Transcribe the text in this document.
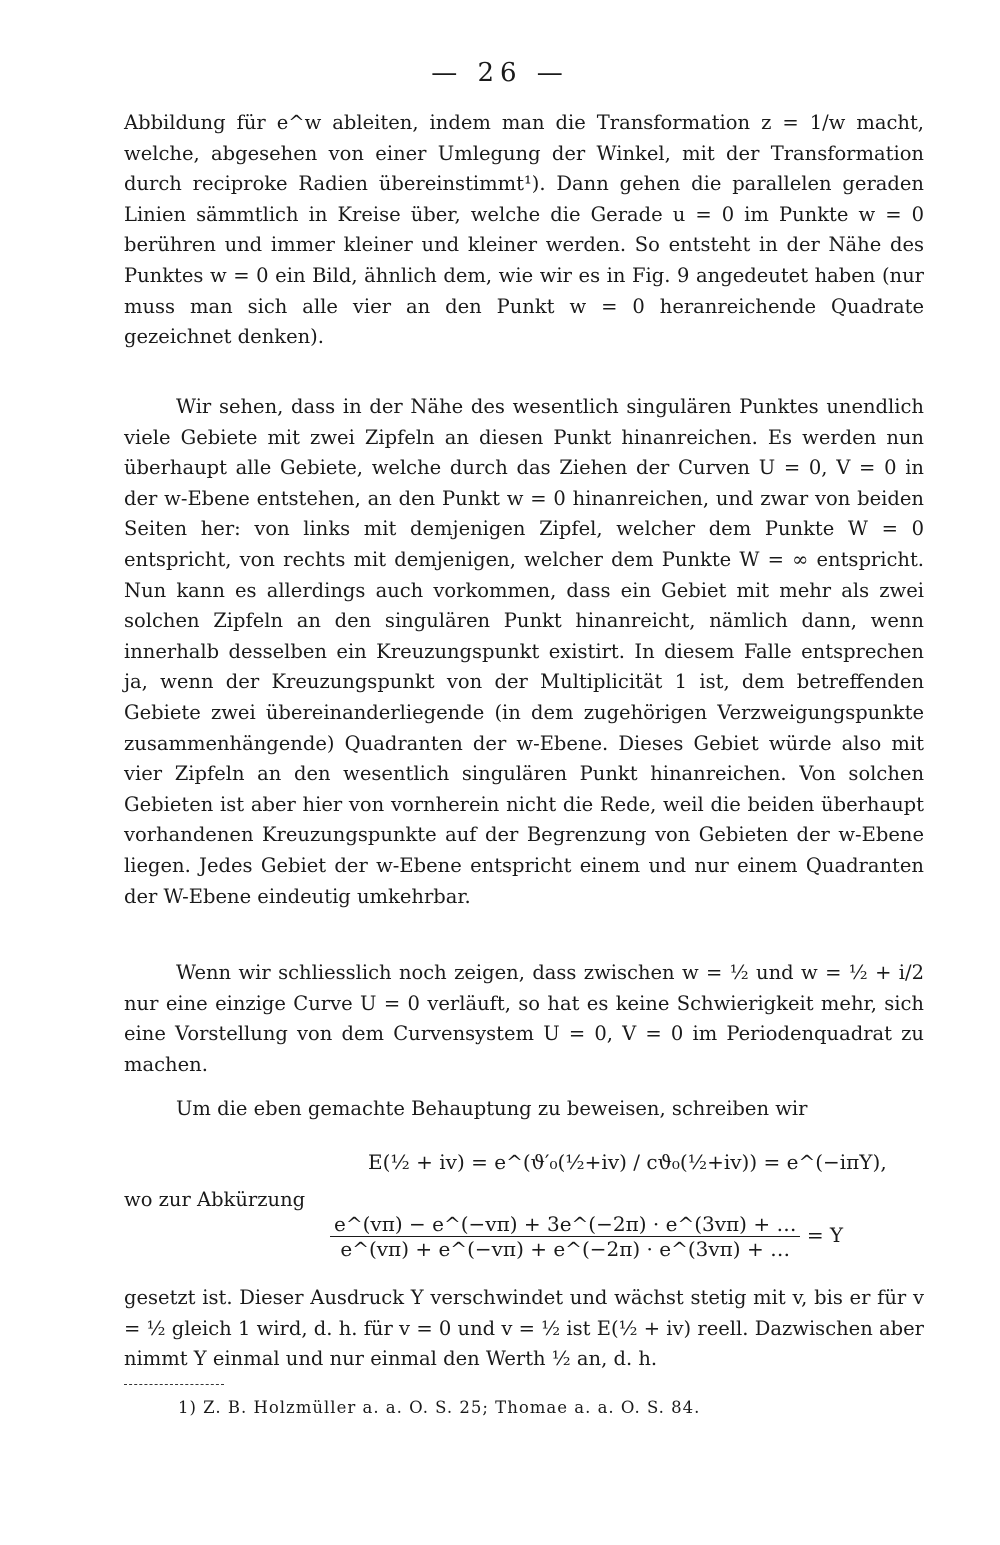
— 26 —

Abbildung für e^w ableiten, indem man die Transformation z = 1/w macht, welche, abgesehen von einer Umlegung der Winkel, mit der Transformation durch reciproke Radien übereinstimmt¹). Dann gehen die parallelen geraden Linien sämmtlich in Kreise über, welche die Gerade u = 0 im Punkte w = 0 berühren und immer kleiner und kleiner werden. So entsteht in der Nähe des Punktes w = 0 ein Bild, ähnlich dem, wie wir es in Fig. 9 angedeutet haben (nur muss man sich alle vier an den Punkt w = 0 heranreichende Quadrate gezeichnet denken).

Wir sehen, dass in der Nähe des wesentlich singulären Punktes unendlich viele Gebiete mit zwei Zipfeln an diesen Punkt hinanreichen. Es werden nun überhaupt alle Gebiete, welche durch das Ziehen der Curven U = 0, V = 0 in der w-Ebene entstehen, an den Punkt w = 0 hinanreichen, und zwar von beiden Seiten her: von links mit demjenigen Zipfel, welcher dem Punkte W = 0 entspricht, von rechts mit demjenigen, welcher dem Punkte W = ∞ entspricht. Nun kann es allerdings auch vorkommen, dass ein Gebiet mit mehr als zwei solchen Zipfeln an den singulären Punkt hinanreicht, nämlich dann, wenn innerhalb desselben ein Kreuzungspunkt existirt. In diesem Falle entsprechen ja, wenn der Kreuzungspunkt von der Multiplicität 1 ist, dem betreffenden Gebiete zwei übereinanderliegende (in dem zugehörigen Verzweigungspunkte zusammenhängende) Quadranten der w-Ebene. Dieses Gebiet würde also mit vier Zipfeln an den wesentlich singulären Punkt hinanreichen. Von solchen Gebieten ist aber hier von vornherein nicht die Rede, weil die beiden überhaupt vorhandenen Kreuzungspunkte auf der Begrenzung von Gebieten der w-Ebene liegen. Jedes Gebiet der w-Ebene entspricht einem und nur einem Quadranten der W-Ebene eindeutig umkehrbar.

Wenn wir schliesslich noch zeigen, dass zwischen w = ½ und w = ½ + i/2 nur eine einzige Curve U = 0 verläuft, so hat es keine Schwierigkeit mehr, sich eine Vorstellung von dem Curvensystem U = 0, V = 0 im Periodenquadrat zu machen.

Um die eben gemachte Behauptung zu beweisen, schreiben wir

E(½ + iv) = e^(ϑ′₀(½+iv) / cϑ₀(½+iv)) = e^(−iπY),
wo zur Abkürzung
$\frac{e\^{}(v\pi) - e\^{}(-v\pi) + 3e\^{}(-2\pi) \cdot e\^{}(3v\pi) + \dots}{e\^{}(v\pi) + e\^{}(-v\pi) + e\^{}(-2\pi) \cdot e\^{}(3v\pi) + \dots} = Y$

gesetzt ist. Dieser Ausdruck Y verschwindet und wächst stetig mit v, bis er für v = ½ gleich 1 wird, d. h. für v = 0 und v = ½ ist E(½ + iv) reell. Dazwischen aber nimmt Y einmal und nur einmal den Werth ½ an, d. h.

1) Z. B. Holzmüller a. a. O. S. 25; Thomae a. a. O. S. 84.
